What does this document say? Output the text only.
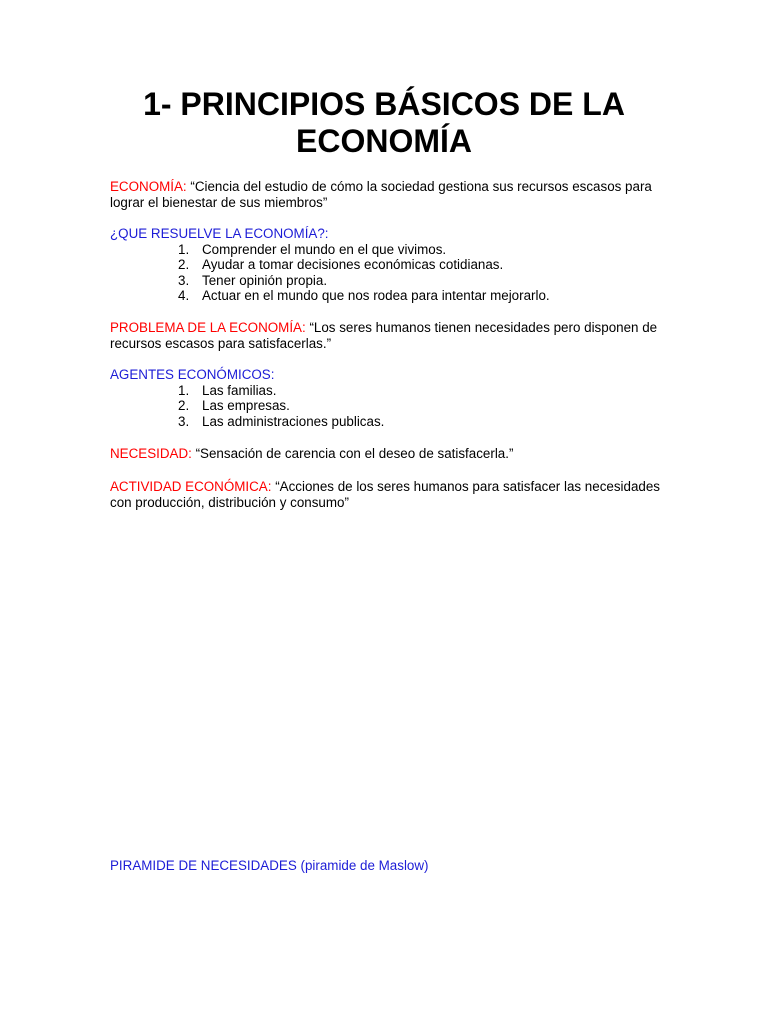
1- PRINCIPIOS BÁSICOS DE LA
ECONOMÍA
ECONOMÍA: “Ciencia del estudio de cómo la sociedad gestiona sus recursos escasos para lograr el bienestar de sus miembros”
¿QUE RESUELVE LA ECONOMÍA?:
1. Comprender el mundo en el que vivimos.
2. Ayudar a tomar decisiones económicas cotidianas.
3. Tener opinión propia.
4. Actuar en el mundo que nos rodea para intentar mejorarlo.
PROBLEMA DE LA ECONOMÍA: “Los seres humanos tienen necesidades pero disponen de recursos escasos para satisfacerlas.”
AGENTES ECONÓMICOS:
1. Las familias.
2. Las empresas.
3. Las administraciones publicas.
NECESIDAD: “Sensación de carencia con el deseo de satisfacerla.”
ACTIVIDAD ECONÓMICA: “Acciones de los seres humanos para satisfacer las necesidades con producción, distribución y consumo”
PIRAMIDE DE NECESIDADES (piramide de Maslow)
